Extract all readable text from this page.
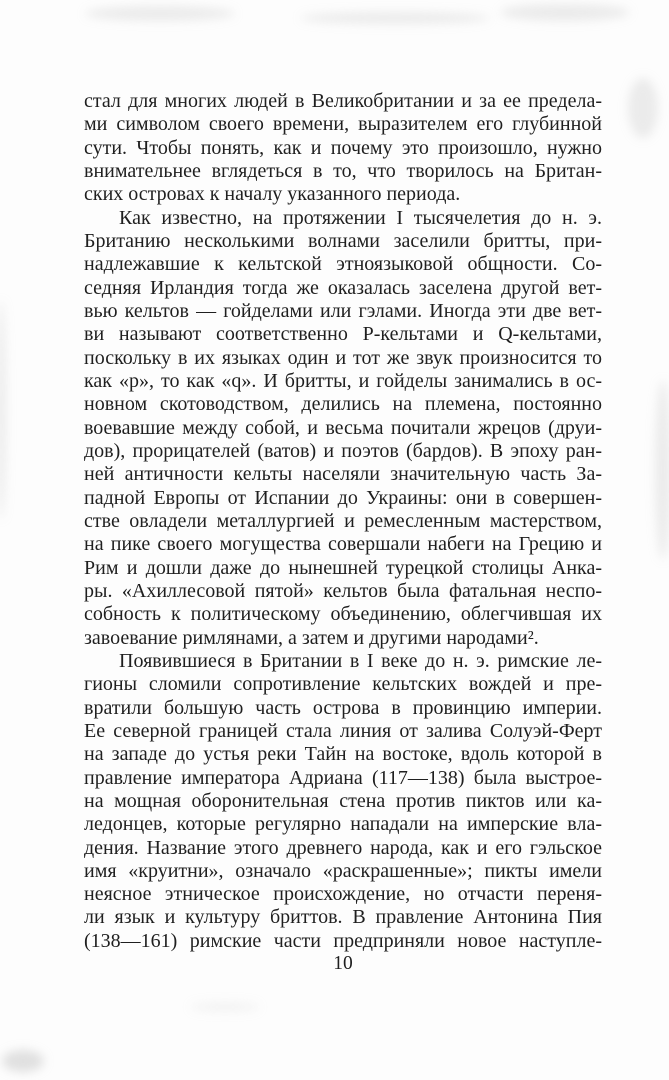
стал для многих людей в Великобритании и за ее предела-
ми символом своего времени, выразителем его глубинной
сути. Чтобы понять, как и почему это произошло, нужно
внимательнее вглядеться в то, что творилось на Британ-
ских островах к началу указанного периода.
Как известно, на протяжении I тысячелетия до н. э.
Британию несколькими волнами заселили бритты, при-
надлежавшие к кельтской этноязыковой общности. Со-
седняя Ирландия тогда же оказалась заселена другой вет-
вью кельтов — гойделами или гэлами. Иногда эти две вет-
ви называют соответственно P-кельтами и Q-кельтами,
поскольку в их языках один и тот же звук произносится то
как «p», то как «q». И бритты, и гойделы занимались в ос-
новном скотоводством, делились на племена, постоянно
воевавшие между собой, и весьма почитали жрецов (друи-
дов), прорицателей (ватов) и поэтов (бардов). В эпоху ран-
ней античности кельты населяли значительную часть За-
падной Европы от Испании до Украины: они в совершен-
стве овладели металлургией и ремесленным мастерством,
на пике своего могущества совершали набеги на Грецию и
Рим и дошли даже до нынешней турецкой столицы Анка-
ры. «Ахиллесовой пятой» кельтов была фатальная неспо-
собность к политическому объединению, облегчившая их
завоевание римлянами, а затем и другими народами².
Появившиеся в Британии в I веке до н. э. римские ле-
гионы сломили сопротивление кельтских вождей и пре-
вратили большую часть острова в провинцию империи.
Ее северной границей стала линия от залива Солуэй-Ферт
на западе до устья реки Тайн на востоке, вдоль которой в
правление императора Адриана (117—138) была выстрое-
на мощная оборонительная стена против пиктов или ка-
ледонцев, которые регулярно нападали на имперские вла-
дения. Название этого древнего народа, как и его гэльское
имя «круитни», означало «раскрашенные»; пикты имели
неясное этническое происхождение, но отчасти переня-
ли язык и культуру бриттов. В правление Антонина Пия
(138—161) римские части предприняли новое наступле-
10
